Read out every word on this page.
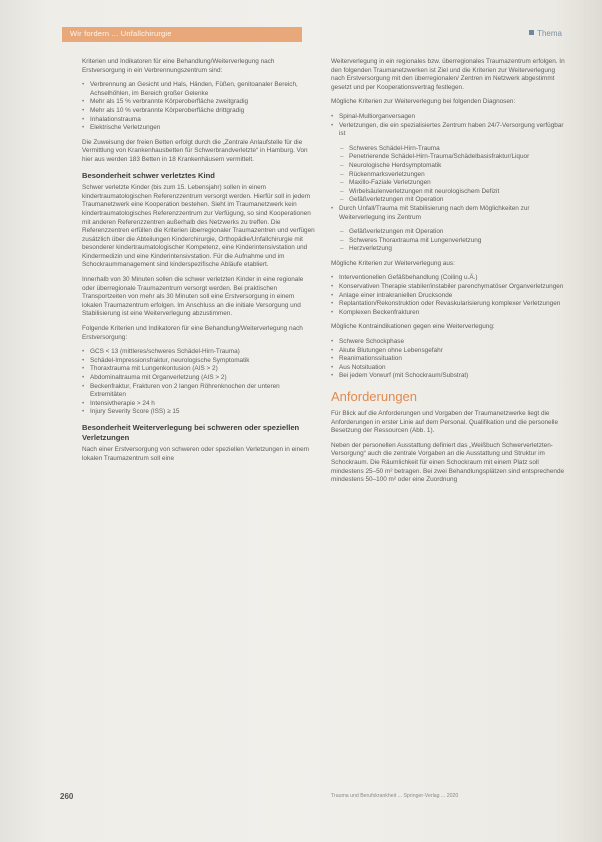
Wir fordern ... Unfallchirurgie	Thema

Kriterien und Indikatoren für eine Behandlung/Weiterverlegung nach Erstversorgung in ein Verbrennungszentrum sind:

• Verbrennung an Gesicht und Hals, Händen, Füßen, genitoanaler Bereich, Achselhöhlen, im Bereich großer Gelenke
• Mehr als 15 % verbrannte Körperoberfläche zweitgradig
• Mehr als 10 % verbrannte Körperoberfläche drittgradig
• Inhalationstrauma
• Elektrische Verletzungen

Die Zuweisung der freien Betten erfolgt durch die „Zentrale Anlaufstelle für die Vermittlung von Krankenhausbetten für Schwerbrandverletzte“ in Hamburg. Von hier aus werden 183 Betten in 18 Krankenhäusern vermittelt.

Besonderheit schwer verletztes Kind

Schwer verletzte Kinder (bis zum 15. Lebensjahr) sollen in einem kindertraumatologischen Referenzzentrum versorgt werden. Hierfür soll in jedem Traumanetzwerk eine Kooperation bestehen. Sieht im Traumanetzwerk kein kindertraumatologisches Referenzzentrum zur Verfügung, so sind Kooperationen mit anderen Referenzzentren außerhalb des Netzwerks zu treffen. Die Referenzzentren erfüllen die Kriterien überregionaler Traumazentren und verfügen zusätzlich über die Abteilungen Kinderchirurgie, Orthopädie/Unfallchirurgie mit besonderer kindertraumatologischer Kompetenz, eine Kinderintensivstation und Kindermedizin und eine Kinderintensivstation. Für die Aufnahme und im Schockraummanagement sind kinderspezifische Abläufe etabliert.

Innerhalb von 30 Minuten sollen die schwer verletzten Kinder in eine regionale oder überregionale Traumazentrum versorgt werden. Bei praktischen Transportzeiten von mehr als 30 Minuten soll eine Erstversorgung in einem lokalen Traumazentrum erfolgen. Im Anschluss an die initiale Versorgung und Stabilisierung ist eine Weiterverlegung abzustimmen.

Folgende Kriterien und Indikatoren für eine Behandlung/Weiterverlegung nach Erstversorgung:

• GCS < 13 (mittleres/schweres Schädel-Hirn-Trauma)
• Schädel-Impressionsfraktur, neurologische Symptomatik
• Thoraxtrauma mit Lungenkontusion (AIS > 2)
• Abdominaltrauma mit Organverletzung (AIS > 2)
• Beckenfraktur, Frakturen von 2 langen Röhrenknochen der unteren Extremitäten
• Intensivtherapie > 24 h
• Injury Severity Score (ISS) ≥ 15
Besonderheit Weiterverlegung bei schweren oder speziellen Verletzungen

Nach einer Erstversorgung von schweren oder speziellen Verletzungen in einem lokalen Traumazentrum soll eine

Weiterverlegung in ein regionales bzw. überregionales Traumazentrum erfolgen. In den folgenden Traumanetzwerken ist Ziel und die Kriterien zur Weiterverlegung nach Erstversorgung mit den überregionalen/ Zentren im Netzwerk abgestimmt gesetzt und per Kooperationsvertrag festlegen.

Mögliche Kriterien zur Weiterverlegung bei folgenden Diagnosen:

• Spinal-Multiorganversagen
• Verletzungen, die ein spezialisiertes Zentrum haben 24/7-Versorgung verfügbar ist
– Schweres Schädel-Hirn-Trauma
– Penetrierende Schädel-Hirn-Trauma/Schädelbasisfraktur/Liquor
– Neurologische Herdsymptomatik
– Rückenmarksverletzungen
– Maxillo-Faziale Verletzungen
– Wirbelsäulenverletzungen mit neurologischem Defizit
– Gefäßverletzungen mit Operation
• Durch Unfall/Trauma mit Stabilisierung nach dem Möglichkeiten zur Weiterverlegung ins Zentrum
– Gefäßverletzungen mit Operation
– Schweres Thoraxtrauma mit Lungenverletzung
– Herzverletzung

Mögliche Kriterien zur Weiterverlegung aus:

• Interventionellen Gefäßbehandlung (Coiling u.Ä.)
• Konservativen Therapie stabiler/instabiler parenchymatöser Organverletzungen
• Anlage einer intrakraniellen Drucksonde
• Replantation/Rekonstruktion oder Revaskularisierung komplexer Verletzungen
• Komplexen Beckenfrakturen

Mögliche Kontraindikationen gegen eine Weiterverlegung:

• Schwere Schockphase
• Akute Blutungen ohne Lebensgefahr
• Reanimationssituation
• Aus Notsituation
• Bei jedem Vorwurf (mit Schockraum/Substrat)
Anforderungen

Für Blick auf die Anforderungen und Vorgaben der Traumanetzwerke liegt die Anforderungen in erster Linie auf dem Personal. Qualifikation und die personelle Besetzung der Ressourcen (Abb. 1).

Neben der personellen Ausstattung definiert das „Weißbuch Schwerverletzten-Versorgung“ auch die zentrale Vorgaben an die Ausstattung und Struktur im Schockraum. Die Räumlichkeit für einen Schockraum mit einem Platz soll mindestens 25–50 m² betragen. Bei zwei Behandlungsplätzen sind entsprechende mindestens 50–100 m² oder eine Zuordnung

260	Trauma und Berufskrankheit ... Springer-Verlag ... 2020
